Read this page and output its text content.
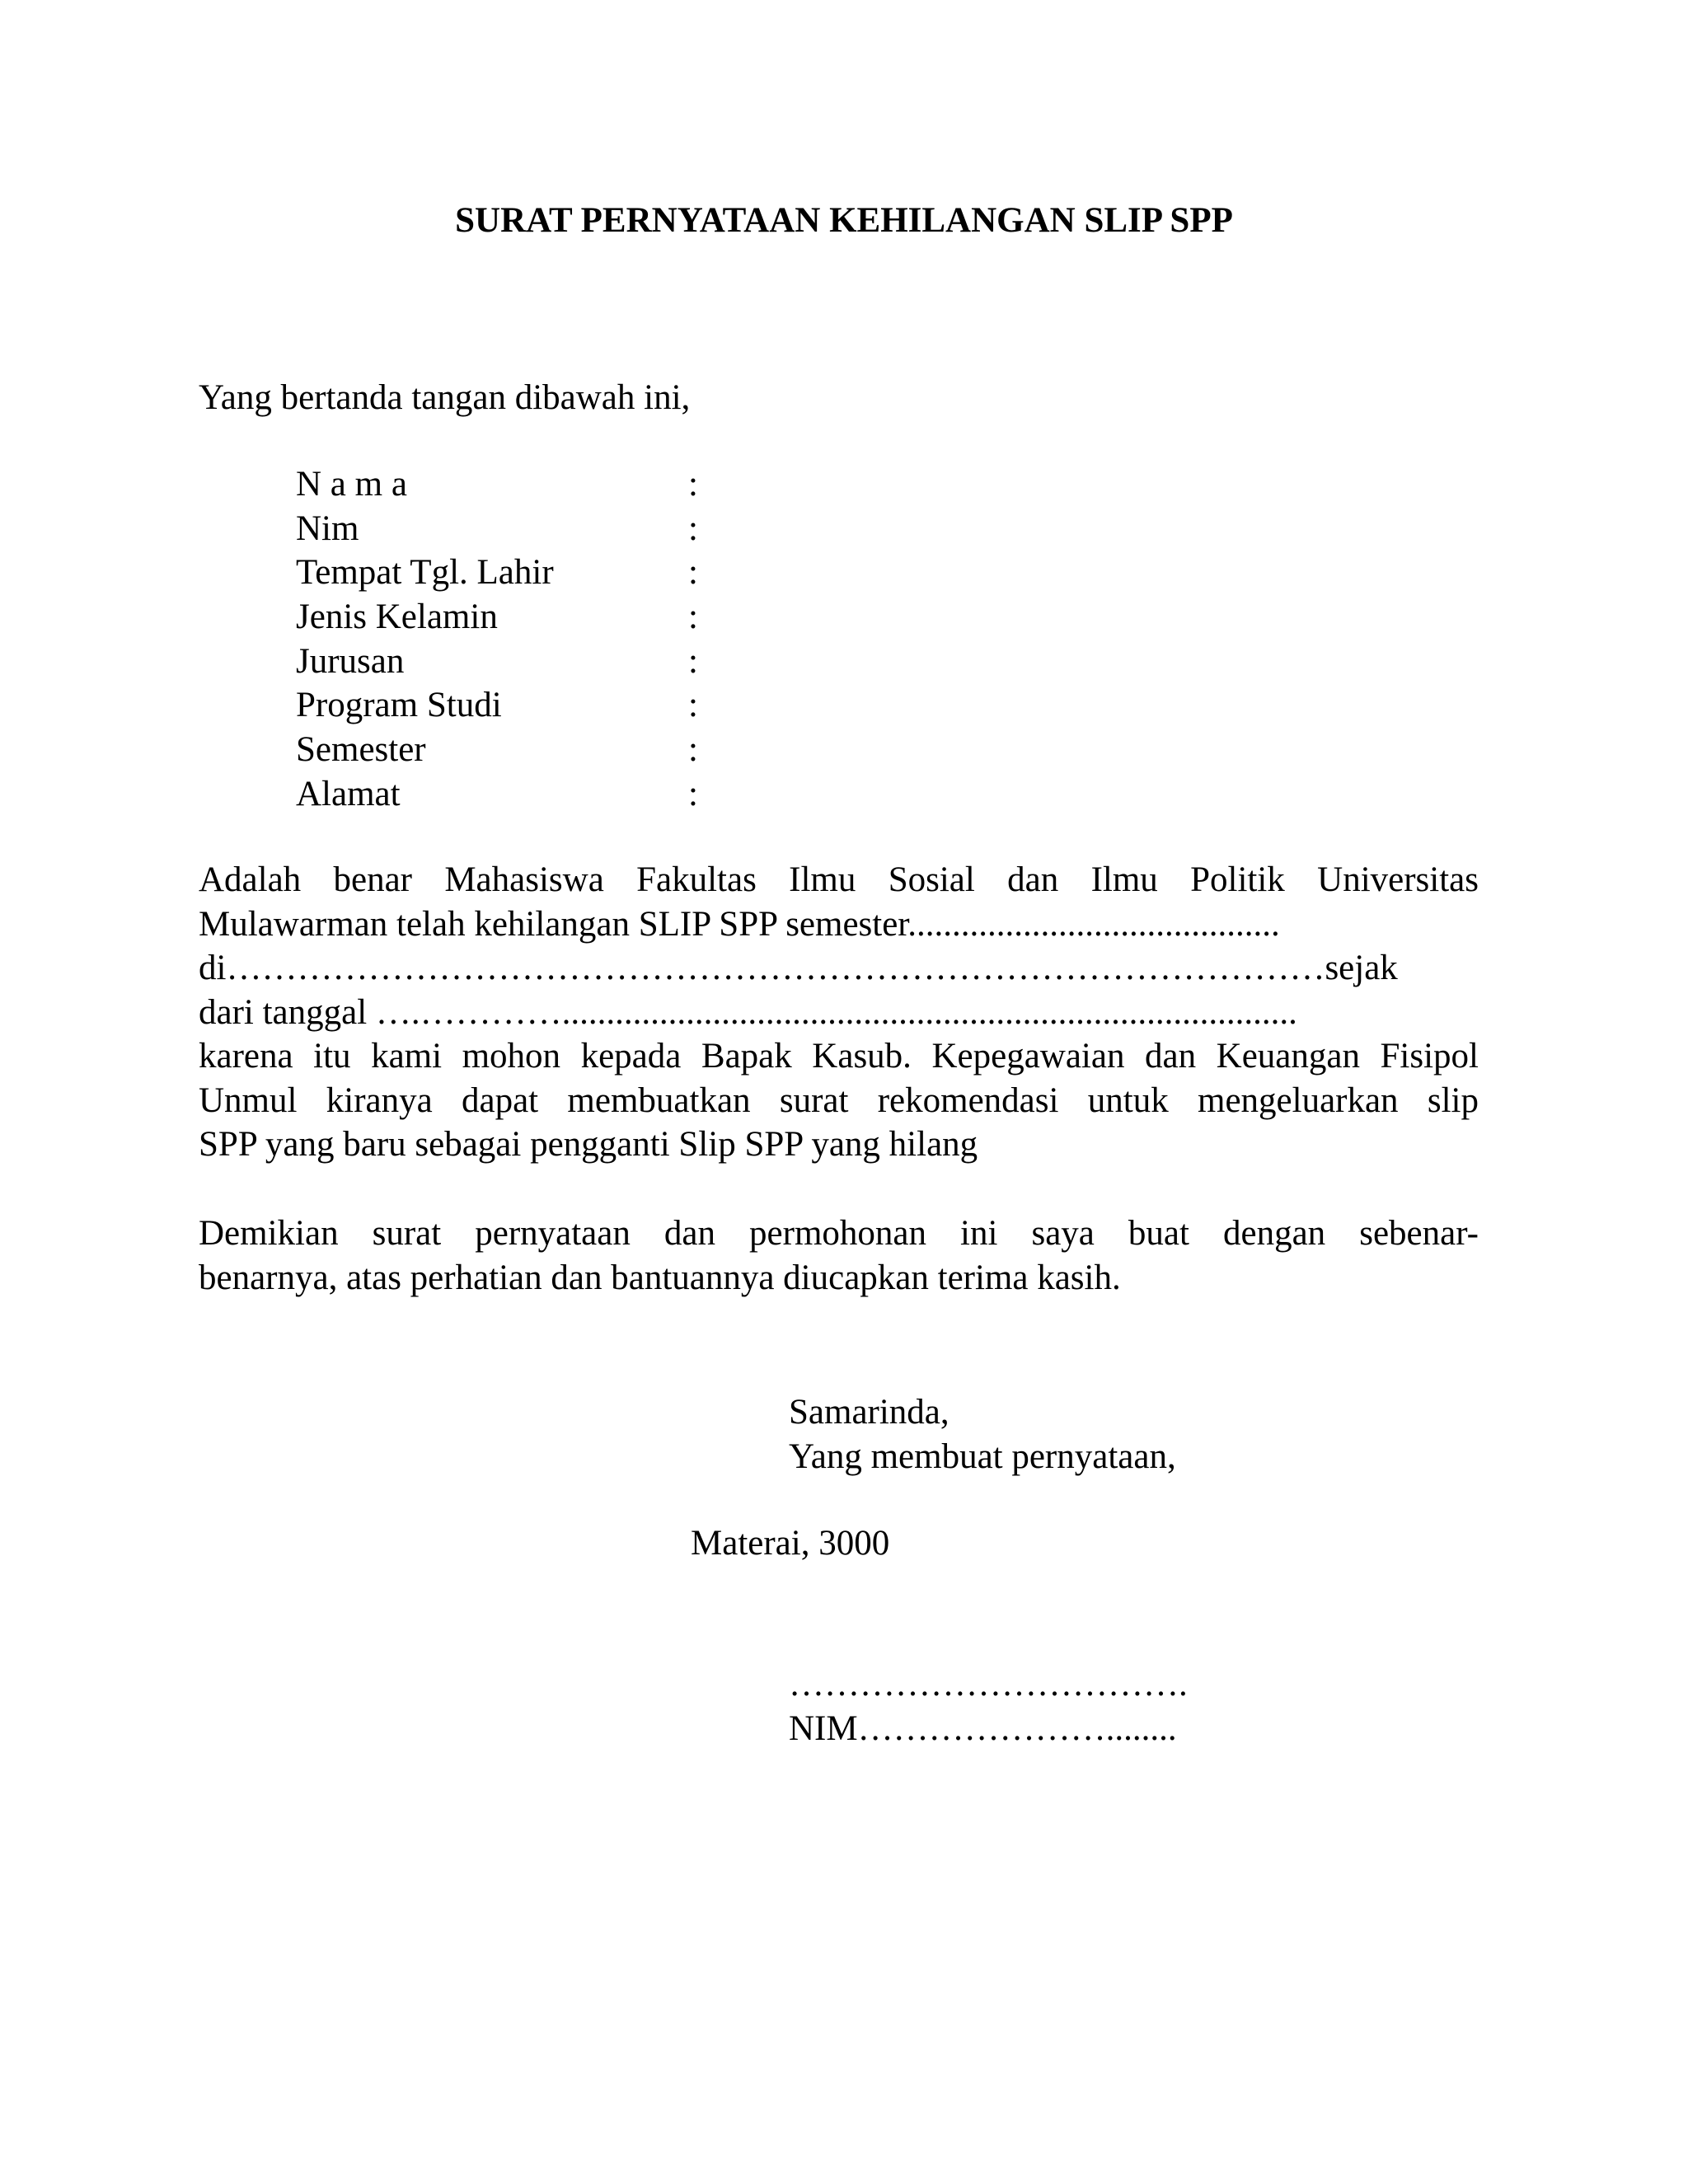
SURAT PERNYATAAN KEHILANGAN SLIP SPP
Yang bertanda tangan dibawah ini,
N a m a	:
Nim	:
Tempat Tgl. Lahir	:
Jenis Kelamin	:
Jurusan	:
Program Studi	:
Semester	:
Alamat	:
Adalah benar Mahasiswa Fakultas Ilmu Sosial dan Ilmu Politik Universitas
Mulawarman telah kehilangan SLIP SPP semester..........................................
di…………………………………………………………………………………sejak
dari tanggal ….…………...................................................................................
karena itu kami mohon kepada Bapak Kasub. Kepegawaian dan Keuangan Fisipol
Unmul kiranya dapat membuatkan surat rekomendasi untuk mengeluarkan slip
SPP yang baru sebagai pengganti Slip SPP yang hilang
Demikian surat pernyataan dan permohonan ini saya buat dengan sebenar-
benarnya, atas perhatian dan bantuannya diucapkan terima kasih.
Samarinda,
Yang membuat pernyataan,
Materai, 3000
…………………………….
NIM…………………........
